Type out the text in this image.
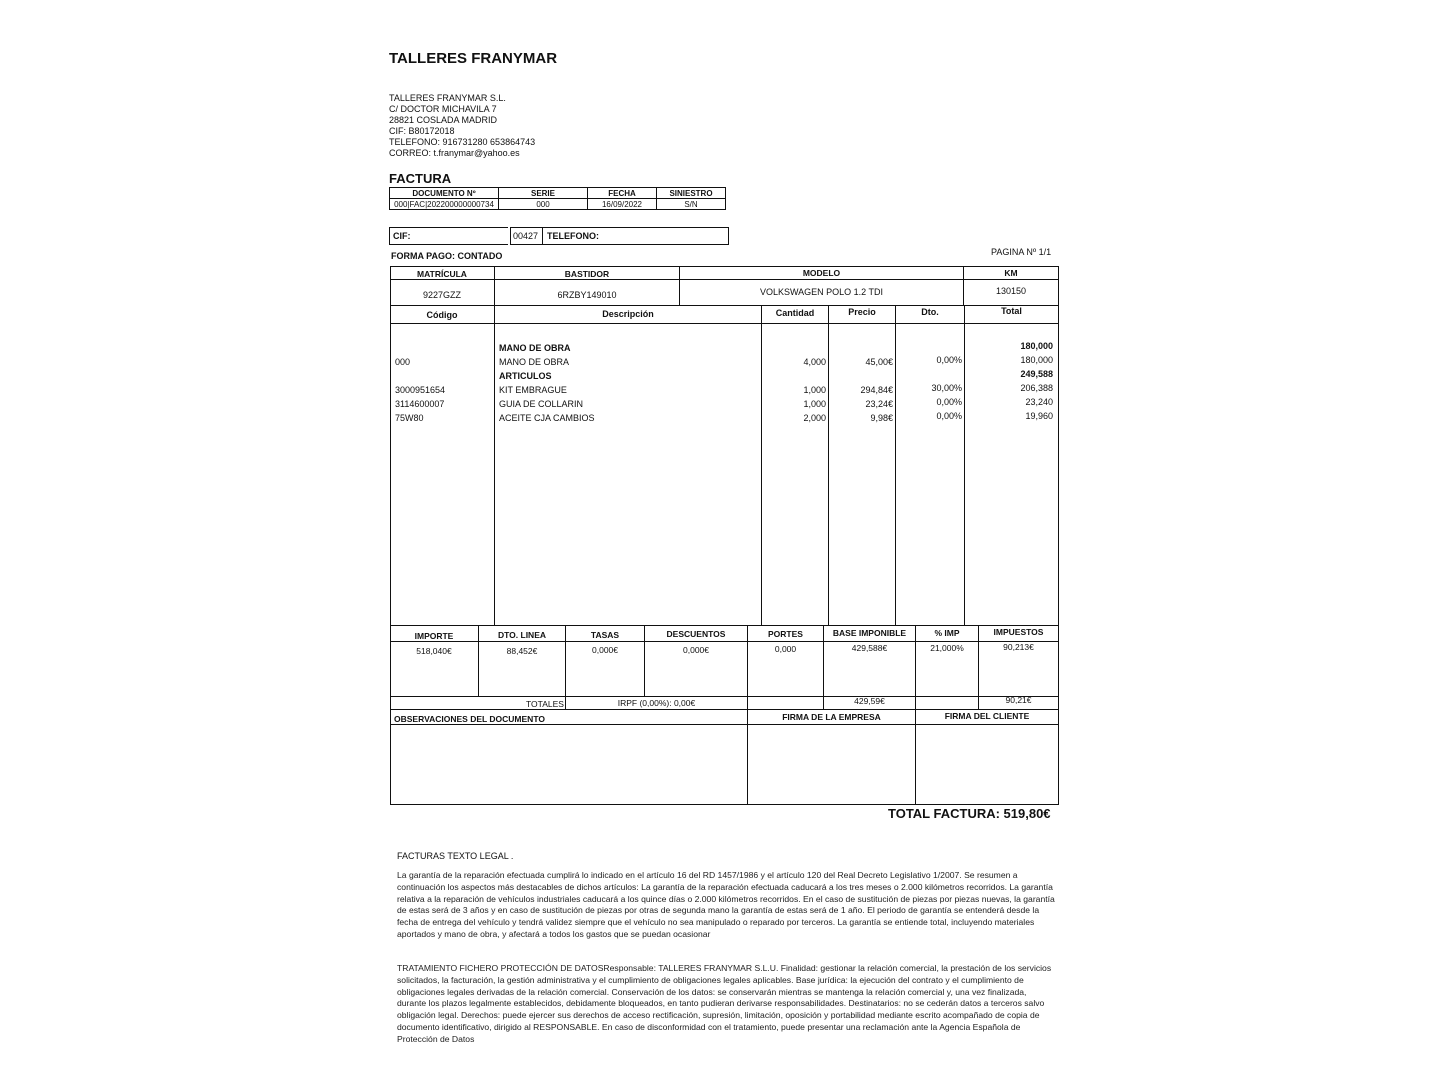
TALLERES FRANYMAR
TALLERES FRANYMAR S.L.
C/ DOCTOR MICHAVILA 7
28821 COSLADA MADRID
CIF: B80172018
TELEFONO: 916731280 653864743
CORREO: t.franymar@yahoo.es
FACTURA
DOCUMENTO Nº	SERIE	FECHA	SINIESTRO
000|FAC|202200000000734	000	16/09/2022	S/N
CIF:	00427 TELEFONO:
FORMA PAGO: CONTADO	PAGINA Nº 1/1
MATRÍCULA	BASTIDOR	MODELO	KM
9227GZZ	6RZBY149010	VOLKSWAGEN POLO 1.2 TDI	130150
Código	Descripción	Cantidad	Precio	Dto.	Total
MANO DE OBRA	180,000
000	MANO DE OBRA	4,000	45,00€	0,00%	180,000
ARTICULOS	249,588
3000951654	KIT EMBRAGUE	1,000	294,84€	30,00%	206,388
3114600007	GUIA DE COLLARIN	1,000	23,24€	0,00%	23,240
75W80	ACEITE CJA CAMBIOS	2,000	9,98€	0,00%	19,960
IMPORTE	DTO. LINEA	TASAS	DESCUENTOS	PORTES	BASE IMPONIBLE	% IMP	IMPUESTOS
518,040€	88,452€	0,000€	0,000€	0,000	429,588€	21,000%	90,213€
TOTALES	IRPF (0,00%): 0,00€	429,59€	90,21€
OBSERVACIONES DEL DOCUMENTO	FIRMA DE LA EMPRESA	FIRMA DEL CLIENTE
TOTAL FACTURA: 519,80€
FACTURAS TEXTO LEGAL .
La garantía de la reparación efectuada cumplirá lo indicado en el artículo 16 del RD 1457/1986 y el artículo 120 del Real Decreto Legislativo 1/2007. Se resumen a continuación los aspectos más destacables de dichos artículos: La garantía de la reparación efectuada caducará a los tres meses o 2.000 kilómetros recorridos. La garantía relativa a la reparación de vehículos industriales caducará a los quince días o 2.000 kilómetros recorridos. En el caso de sustitución de piezas por piezas nuevas, la garantía de estas será de 3 años y en caso de sustitución de piezas por otras de segunda mano la garantía de estas será de 1 año. El periodo de garantía se entenderá desde la fecha de entrega del vehículo y tendrá validez siempre que el vehículo no sea manipulado o reparado por terceros. La garantía se entiende total, incluyendo materiales aportados y mano de obra, y afectará a todos los gastos que se puedan ocasionar
TRATAMIENTO FICHERO PROTECCIÓN DE DATOSResponsable: TALLERES FRANYMAR S.L.U. Finalidad: gestionar la relación comercial, la prestación de los servicios solicitados, la facturación, la gestión administrativa y el cumplimiento de obligaciones legales aplicables. Base jurídica: la ejecución del contrato y el cumplimiento de obligaciones legales derivadas de la relación comercial. Conservación de los datos: se conservarán mientras se mantenga la relación comercial y, una vez finalizada, durante los plazos legalmente establecidos, debidamente bloqueados, en tanto pudieran derivarse responsabilidades. Destinatarios: no se cederán datos a terceros salvo obligación legal. Derechos: puede ejercer sus derechos de acceso rectificación, supresión, limitación, oposición y portabilidad mediante escrito acompañado de copia de documento identificativo, dirigido al RESPONSABLE. En caso de disconformidad con el tratamiento, puede presentar una reclamación ante la Agencia Española de Protección de Datos
